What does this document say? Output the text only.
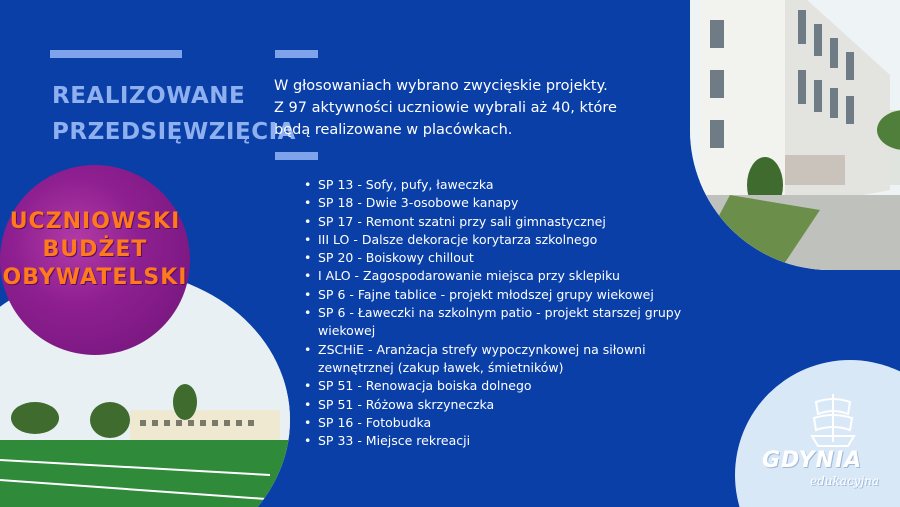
UCZNIOWSKI
BUDŻET
OBYWATELSKI
REALIZOWANE
PRZEDSIĘWZIĘCIA
W głosowaniach wybrano zwycięskie projekty.
Z 97 aktywności uczniowie wybrali aż 40, które
będą realizowane w placówkach.
• SP 13 - Sofy, pufy, ławeczka
• SP 18 - Dwie 3-osobowe kanapy
• SP 17 - Remont szatni przy sali gimnastycznej
• III LO - Dalsze dekoracje korytarza szkolnego
• SP 20 - Boiskowy chillout
• I ALO - Zagospodarowanie miejsca przy sklepiku
• SP 6 - Fajne tablice - projekt młodszej grupy wiekowej
• SP 6 - Ławeczki na szkolnym patio - projekt starszej grupy wiekowej
• ZSCHiE - Aranżacja strefy wypoczynkowej na siłowni zewnętrznej (zakup ławek, śmietników)
• SP 51 - Renowacja boiska dolnego
• SP 51 - Różowa skrzyneczka
• SP 16 - Fotobudka
• SP 33 - Miejsce rekreacji
GDYNIA
edukacyjna
